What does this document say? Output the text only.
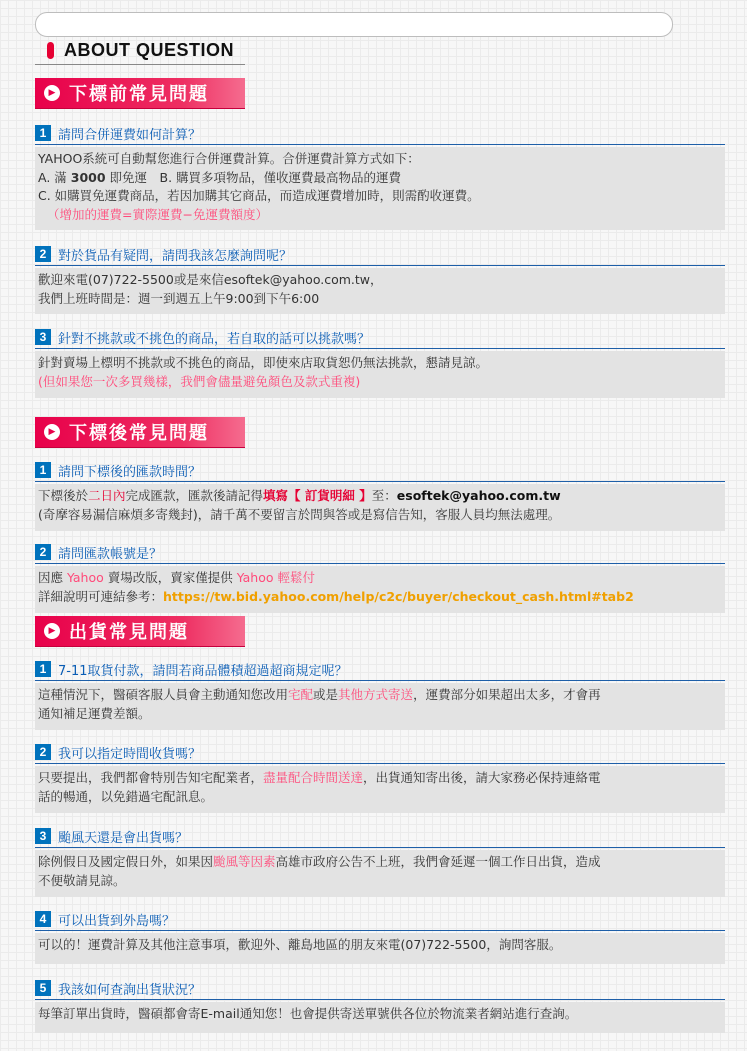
ABOUT QUESTION
▶ 下標前常見問題
1 請問合併運費如何計算？
YAHOO系統可自動幫您進行合併運費計算。合併運費計算方式如下：
A. 滿 3000 即免運　B. 購買多項物品，僅收運費最高物品的運費
C. 如購買免運費商品，若因加購其它商品，而造成運費增加時，則需酌收運費。
（增加的運費=實際運費−免運費額度）
2 對於貨品有疑問，請問我該怎麼詢問呢？
歡迎來電(07)722-5500或是來信esoftek@yahoo.com.tw，
我們上班時間是：週一到週五上午9:00到下午6:00
3 針對不挑款或不挑色的商品，若自取的話可以挑款嗎？
針對賣場上標明不挑款或不挑色的商品，即使來店取貨恕仍無法挑款，懇請見諒。
(但如果您一次多買幾樣，我們會儘量避免顏色及款式重複)
▶ 下標後常見問題
1 請問下標後的匯款時間？
下標後於二日內完成匯款，匯款後請記得填寫【 訂貨明細 】至：esoftek@yahoo.com.tw
(奇摩容易漏信麻煩多寄幾封)，請千萬不要留言於問與答或是寫信告知，客服人員均無法處理。
2 請問匯款帳號是？
因應 Yahoo 賣場改版，賣家僅提供 Yahoo 輕鬆付
詳細說明可連結參考：https://tw.bid.yahoo.com/help/c2c/buyer/checkout_cash.html#tab2
▶ 出貨常見問題
1 7-11取貨付款，請問若商品體積超過超商規定呢？
這種情況下，醫碩客服人員會主動通知您改用宅配或是其他方式寄送，運費部分如果超出太多，才會再
通知補足運費差額。
2 我可以指定時間收貨嗎？
只要提出，我們都會特別告知宅配業者，盡量配合時間送達，出貨通知寄出後，請大家務必保持連絡電
話的暢通，以免錯過宅配訊息。
3 颱風天還是會出貨嗎？
除例假日及國定假日外，如果因颱風等因素高雄市政府公告不上班，我們會延遲一個工作日出貨，造成
不便敬請見諒。
4 可以出貨到外島嗎？
可以的！運費計算及其他注意事項，歡迎外、離島地區的朋友來電(07)722-5500，詢問客服。
5 我該如何查詢出貨狀況？
每筆訂單出貨時，醫碩都會寄E-mail通知您！也會提供寄送單號供各位於物流業者網站進行查詢。
